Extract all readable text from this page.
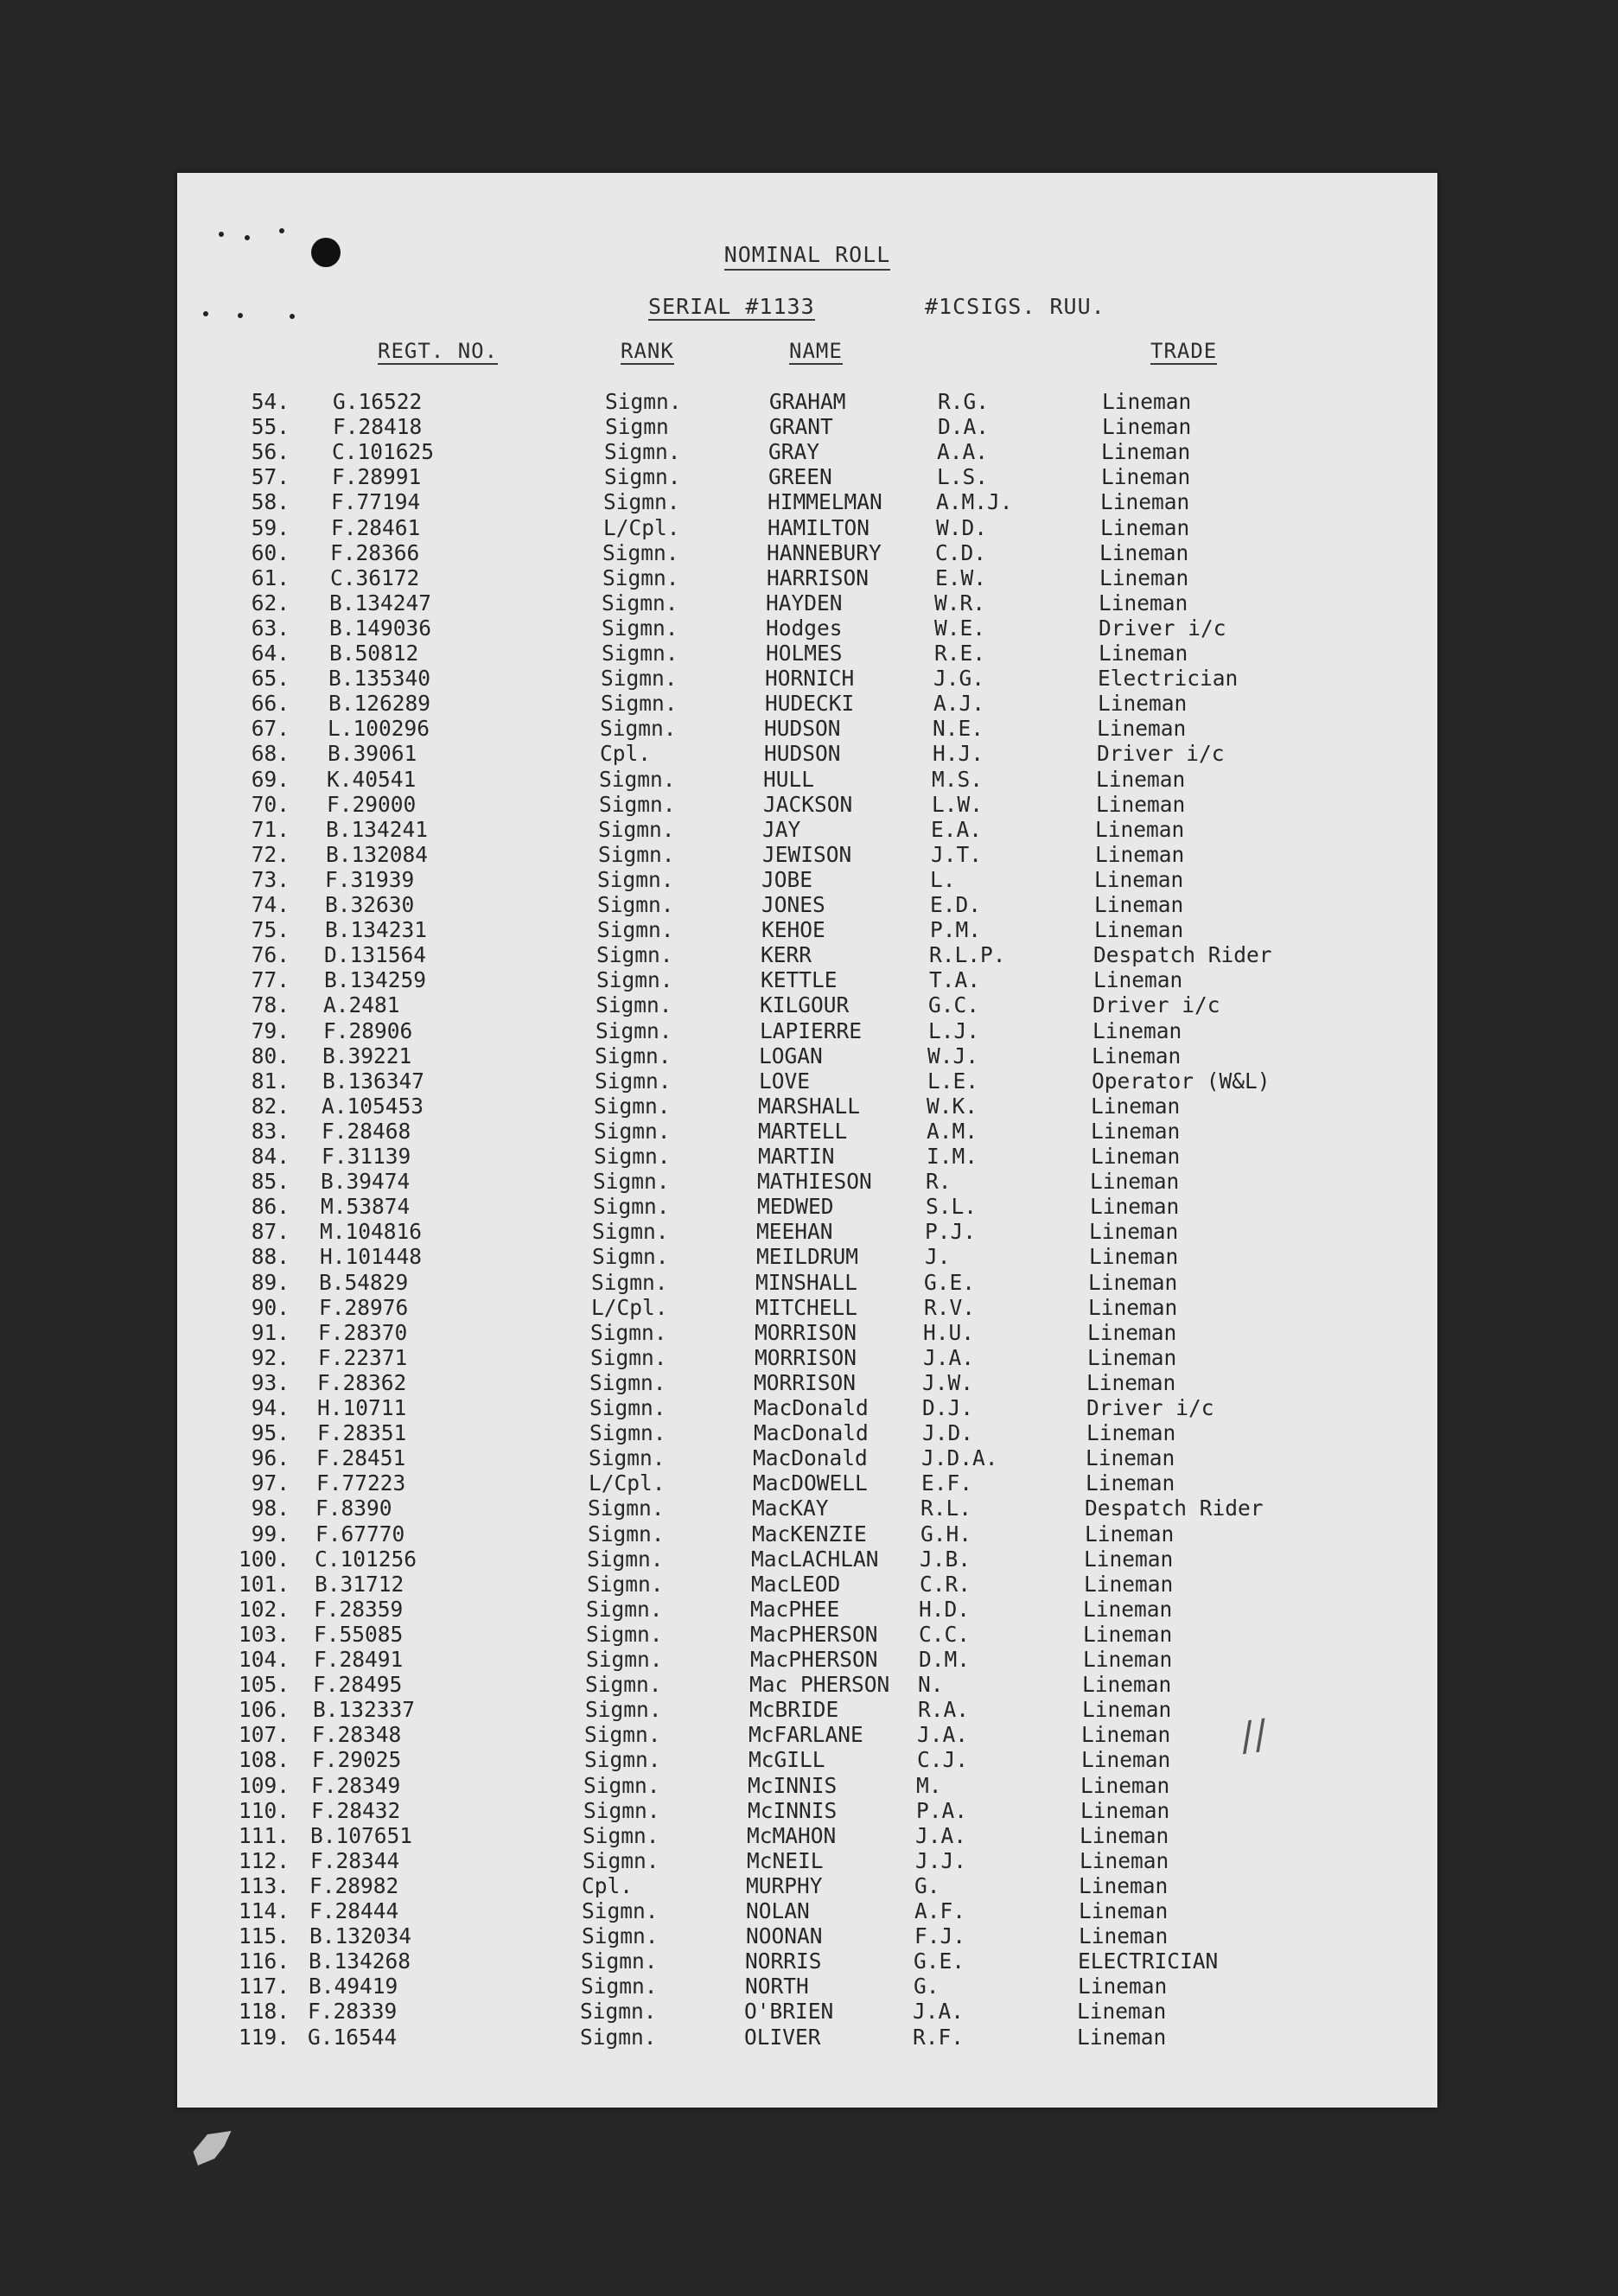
NOMINAL ROLL
SERIAL #1133	#1CSIGS. RUU.
REGT. NO.	RANK	NAME	TRADE
54. G.16522	Sigmn.	GRAHAM	R.G.	Lineman
55. F.28418	Sigmn	GRANT	D.A.	Lineman
56. C.101625	Sigmn.	GRAY	A.A.	Lineman
57. F.28991	Sigmn.	GREEN	L.S.	Lineman
58. F.77194	Sigmn.	HIMMELMAN	A.M.J.	Lineman
59. F.28461	L/Cpl.	HAMILTON	W.D.	Lineman
60. F.28366	Sigmn.	HANNEBURY	C.D.	Lineman
61. C.36172	Sigmn.	HARRISON	E.W.	Lineman
62. B.134247	Sigmn.	HAYDEN	W.R.	Lineman
63. B.149036	Sigmn.	Hodges	W.E.	Driver i/c
64. B.50812	Sigmn.	HOLMES	R.E.	Lineman
65. B.135340	Sigmn.	HORNICH	J.G.	Electrician
66. B.126289	Sigmn.	HUDECKI	A.J.	Lineman
67. L.100296	Sigmn.	HUDSON	N.E.	Lineman
68. B.39061	Cpl.	HUDSON	H.J.	Driver i/c
69. K.40541	Sigmn.	HULL	M.S.	Lineman
70. F.29000	Sigmn.	JACKSON	L.W.	Lineman
71. B.134241	Sigmn.	JAY	E.A.	Lineman
72. B.132084	Sigmn.	JEWISON	J.T.	Lineman
73. F.31939	Sigmn.	JOBE	L.	Lineman
74. B.32630	Sigmn.	JONES	E.D.	Lineman
75. B.134231	Sigmn.	KEHOE	P.M.	Lineman
76. D.131564	Sigmn.	KERR	R.L.P.	Despatch Rider
77. B.134259	Sigmn.	KETTLE	T.A.	Lineman
78. A.2481	Sigmn.	KILGOUR	G.C.	Driver i/c
79. F.28906	Sigmn.	LAPIERRE	L.J.	Lineman
80. B.39221	Sigmn.	LOGAN	W.J.	Lineman
81. B.136347	Sigmn.	LOVE	L.E.	Operator (W&L)
82. A.105453	Sigmn.	MARSHALL	W.K.	Lineman
83. F.28468	Sigmn.	MARTELL	A.M.	Lineman
84. F.31139	Sigmn.	MARTIN	I.M.	Lineman
85. B.39474	Sigmn.	MATHIESON	R.	Lineman
86. M.53874	Sigmn.	MEDWED	S.L.	Lineman
87. M.104816	Sigmn.	MEEHAN	P.J.	Lineman
88. H.101448	Sigmn.	MEILDRUM	J.	Lineman
89. B.54829	Sigmn.	MINSHALL	G.E.	Lineman
90. F.28976	L/Cpl.	MITCHELL	R.V.	Lineman
91. F.28370	Sigmn.	MORRISON	H.U.	Lineman
92. F.22371	Sigmn.	MORRISON	J.A.	Lineman
93. F.28362	Sigmn.	MORRISON	J.W.	Lineman
94. H.10711	Sigmn.	MacDonald	D.J.	Driver i/c
95. F.28351	Sigmn.	MacDonald	J.D.	Lineman
96. F.28451	Sigmn.	MacDonald	J.D.A.	Lineman
97. F.77223	L/Cpl.	MacDOWELL	E.F.	Lineman
98. F.8390	Sigmn.	MacKAY	R.L.	Despatch Rider
99. F.67770	Sigmn.	MacKENZIE	G.H.	Lineman
100. C.101256	Sigmn.	MacLACHLAN J.B.	Lineman
101. B.31712	Sigmn.	MacLEOD	C.R.	Lineman
102. F.28359	Sigmn.	MacPHEE	H.D.	Lineman
103. F.55085	Sigmn.	MacPHERSON C.C.	Lineman
104. F.28491	Sigmn.	MacPHERSON D.M.	Lineman
105. F.28495	Sigmn.	Mac PHERSON N.	Lineman
106. B.132337	Sigmn.	McBRIDE	R.A.	Lineman
107. F.28348	Sigmn.	McFARLANE	J.A.	Lineman
108. F.29025	Sigmn.	McGILL	C.J.	Lineman
109. F.28349	Sigmn.	McINNIS	M.	Lineman
110. F.28432	Sigmn.	McINNIS	P.A.	Lineman
111. B.107651	Sigmn.	McMAHON	J.A.	Lineman
112. F.28344	Sigmn.	McNEIL	J.J.	Lineman
113. F.28982	Cpl.	MURPHY	G.	Lineman
114. F.28444	Sigmn.	NOLAN	A.F.	Lineman
115. B.132034	Sigmn.	NOONAN	F.J.	Lineman
116. B.134268	Sigmn.	NORRIS	G.E.	ELECTRICIAN
117. B.49419	Sigmn.	NORTH	G.	Lineman
118. F.28339	Sigmn.	O'BRIEN	J.A.	Lineman
119. G.16544	Sigmn.	OLIVER	R.F.	Lineman
//
